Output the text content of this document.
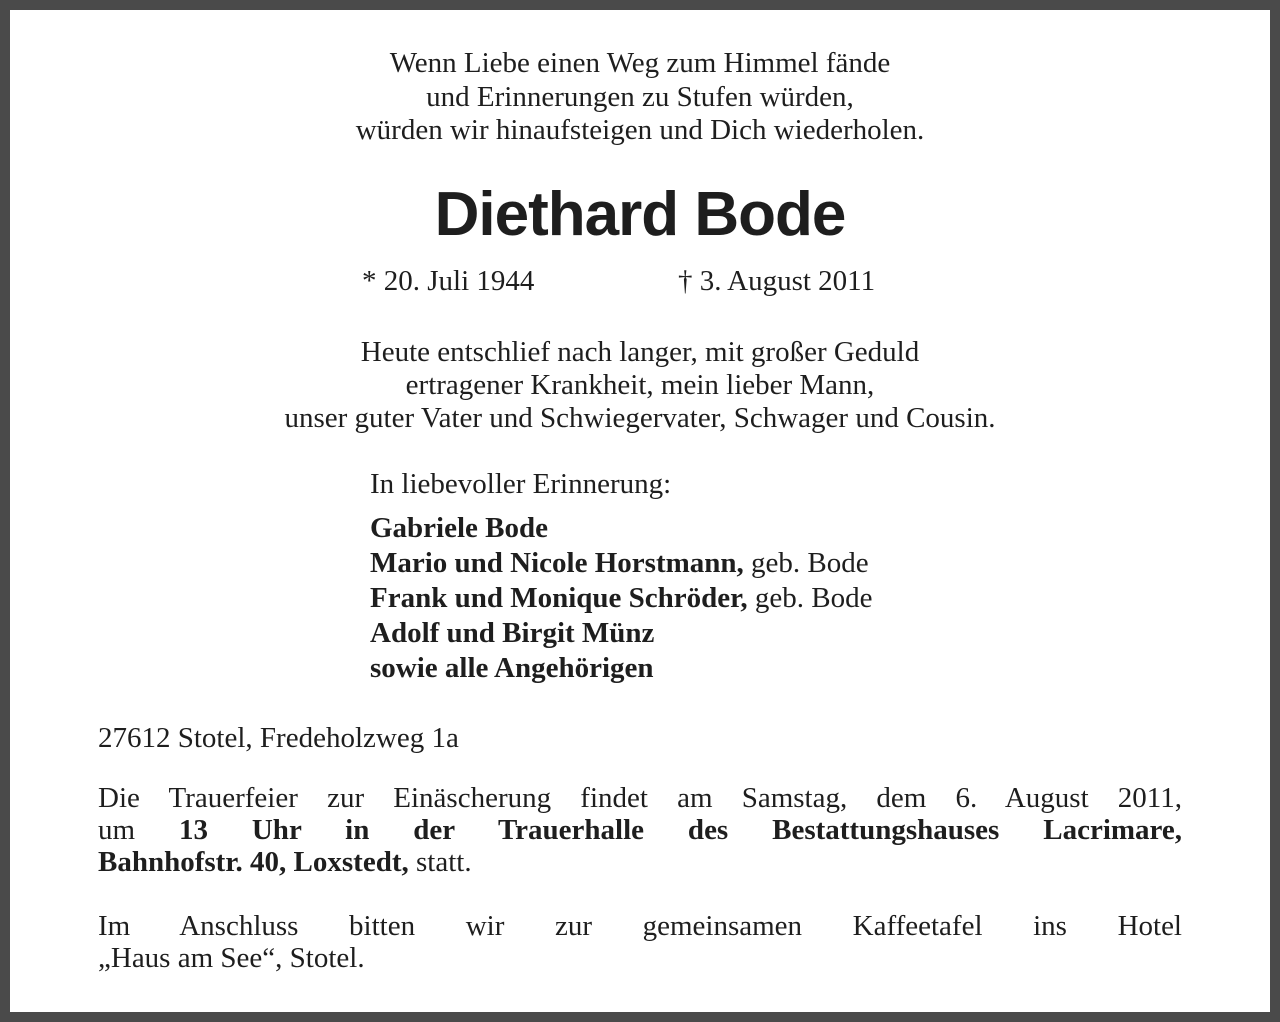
Wenn Liebe einen Weg zum Himmel fände
und Erinnerungen zu Stufen würden,
würden wir hinaufsteigen und Dich wiederholen.
Diethard Bode
* 20. Juli 1944	† 3. August 2011
Heute entschlief nach langer, mit großer Geduld
ertragener Krankheit, mein lieber Mann,
unser guter Vater und Schwiegervater, Schwager und Cousin.
In liebevoller Erinnerung:
Gabriele Bode
Mario und Nicole Horstmann, geb. Bode
Frank und Monique Schröder, geb. Bode
Adolf und Birgit Münz
sowie alle Angehörigen
27612 Stotel, Fredeholzweg 1a
Die Trauerfeier zur Einäscherung findet am Samstag, dem 6. August 2011,
um 13 Uhr in der Trauerhalle des Bestattungshauses Lacrimare,
Bahnhofstr. 40, Loxstedt, statt.
Im Anschluss bitten wir zur gemeinsamen Kaffeetafel ins Hotel
„Haus am See“, Stotel.
